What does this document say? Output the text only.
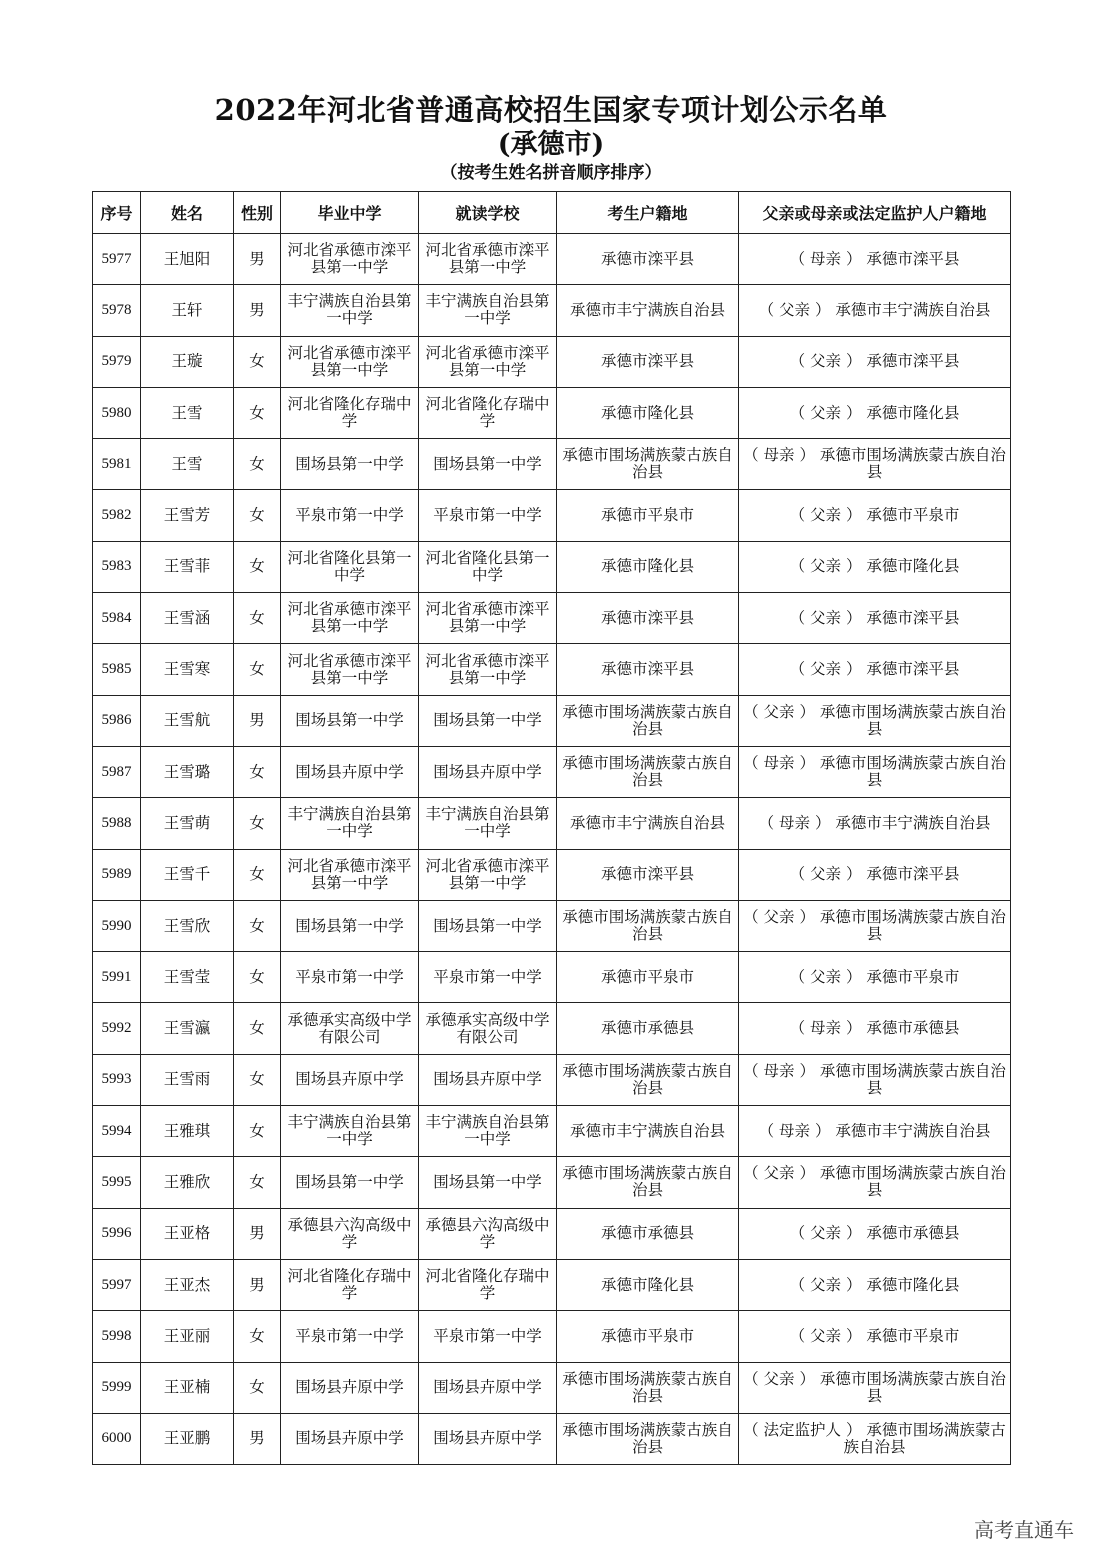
2022年河北省普通高校招生国家专项计划公示名单
(承德市)
（按考生姓名拼音顺序排序）
序号	姓名	性别	毕业中学	就读学校	考生户籍地	父亲或母亲或法定监护人户籍地
5977	王旭阳	男	河北省承德市滦平县第一中学	河北省承德市滦平县第一中学	承德市滦平县	（ 母亲 ） 承德市滦平县
5978	王轩	男	丰宁满族自治县第一中学	丰宁满族自治县第一中学	承德市丰宁满族自治县	（ 父亲 ） 承德市丰宁满族自治县
5979	王璇	女	河北省承德市滦平县第一中学	河北省承德市滦平县第一中学	承德市滦平县	（ 父亲 ） 承德市滦平县
5980	王雪	女	河北省隆化存瑞中学	河北省隆化存瑞中学	承德市隆化县	（ 父亲 ） 承德市隆化县
5981	王雪	女	围场县第一中学	围场县第一中学	承德市围场满族蒙古族自治县	（ 母亲 ） 承德市围场满族蒙古族自治县
5982	王雪芳	女	平泉市第一中学	平泉市第一中学	承德市平泉市	（ 父亲 ） 承德市平泉市
5983	王雪菲	女	河北省隆化县第一中学	河北省隆化县第一中学	承德市隆化县	（ 父亲 ） 承德市隆化县
5984	王雪涵	女	河北省承德市滦平县第一中学	河北省承德市滦平县第一中学	承德市滦平县	（ 父亲 ） 承德市滦平县
5985	王雪寒	女	河北省承德市滦平县第一中学	河北省承德市滦平县第一中学	承德市滦平县	（ 父亲 ） 承德市滦平县
5986	王雪航	男	围场县第一中学	围场县第一中学	承德市围场满族蒙古族自治县	（ 父亲 ） 承德市围场满族蒙古族自治县
5987	王雪璐	女	围场县卉原中学	围场县卉原中学	承德市围场满族蒙古族自治县	（ 母亲 ） 承德市围场满族蒙古族自治县
5988	王雪萌	女	丰宁满族自治县第一中学	丰宁满族自治县第一中学	承德市丰宁满族自治县	（ 母亲 ） 承德市丰宁满族自治县
5989	王雪千	女	河北省承德市滦平县第一中学	河北省承德市滦平县第一中学	承德市滦平县	（ 父亲 ） 承德市滦平县
5990	王雪欣	女	围场县第一中学	围场县第一中学	承德市围场满族蒙古族自治县	（ 父亲 ） 承德市围场满族蒙古族自治县
5991	王雪莹	女	平泉市第一中学	平泉市第一中学	承德市平泉市	（ 父亲 ） 承德市平泉市
5992	王雪瀛	女	承德承实高级中学有限公司	承德承实高级中学有限公司	承德市承德县	（ 母亲 ） 承德市承德县
5993	王雪雨	女	围场县卉原中学	围场县卉原中学	承德市围场满族蒙古族自治县	（ 母亲 ） 承德市围场满族蒙古族自治县
5994	王雅琪	女	丰宁满族自治县第一中学	丰宁满族自治县第一中学	承德市丰宁满族自治县	（ 母亲 ） 承德市丰宁满族自治县
5995	王雅欣	女	围场县第一中学	围场县第一中学	承德市围场满族蒙古族自治县	（ 父亲 ） 承德市围场满族蒙古族自治县
5996	王亚格	男	承德县六沟高级中学	承德县六沟高级中学	承德市承德县	（ 父亲 ） 承德市承德县
5997	王亚杰	男	河北省隆化存瑞中学	河北省隆化存瑞中学	承德市隆化县	（ 父亲 ） 承德市隆化县
5998	王亚丽	女	平泉市第一中学	平泉市第一中学	承德市平泉市	（ 父亲 ） 承德市平泉市
5999	王亚楠	女	围场县卉原中学	围场县卉原中学	承德市围场满族蒙古族自治县	（ 父亲 ） 承德市围场满族蒙古族自治县
6000	王亚鹏	男	围场县卉原中学	围场县卉原中学	承德市围场满族蒙古族自治县	（ 法定监护人 ） 承德市围场满族蒙古族自治县
高考直通车
